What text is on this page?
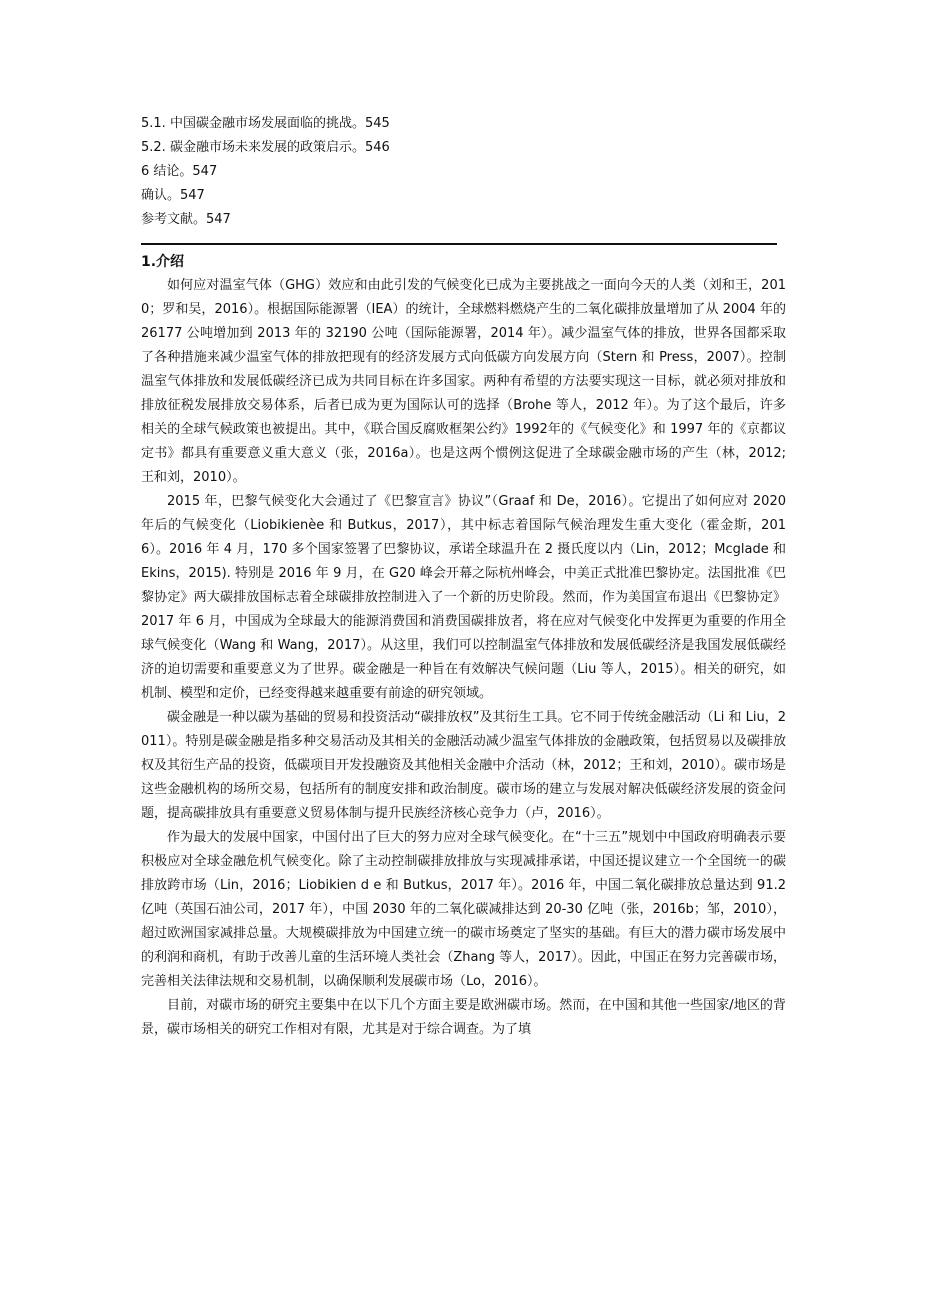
5.1. 中国碳金融市场发展面临的挑战。545
5.2. 碳金融市场未来发展的政策启示。546
6 结论。547
确认。547
参考文献。547
1.介绍

如何应对温室气体（GHG）效应和由此引发的气候变化已成为主要挑战之一面向今天的人类（刘和王，2010；罗和吴，2016）。根据国际能源署（IEA）的统计，全球燃料燃烧产生的二氧化碳排放量增加了从 2004 年的 26177 公吨增加到 2013 年的 32190 公吨（国际能源署，2014 年）。减少温室气体的排放，世界各国都采取了各种措施来减少温室气体的排放把现有的经济发展方式向低碳方向发展方向（Stern 和 Press，2007）。控制温室气体排放和发展低碳经济已成为共同目标在许多国家。两种有希望的方法要实现这一目标，就必须对排放和排放征税发展排放交易体系，后者已成为更为国际认可的选择（Brohe 等人，2012 年）。为了这个最后，许多相关的全球气候政策也被提出。其中，《联合国反腐败框架公约》1992年的《气候变化》和 1997 年的《京都议定书》都具有重要意义重大意义（张，2016a）。也是这两个惯例这促进了全球碳金融市场的产生（林，2012; 王和刘，2010）。

2015 年，巴黎气候变化大会通过了《巴黎宣言》协议”（Graaf 和 De，2016）。它提出了如何应对 2020 年后的气候变化（Liobikienèe 和 Butkus，2017），其中标志着国际气候治理发生重大变化（霍金斯，2016）。2016 年 4 月，170 多个国家签署了巴黎协议，承诺全球温升在 2 摄氏度以内（Lin，2012；Mcglade 和 Ekins，2015). 特别是 2016 年 9 月，在 G20 峰会开幕之际杭州峰会，中美正式批准巴黎协定。法国批准《巴黎协定》两大碳排放国标志着全球碳排放控制进入了一个新的历史阶段。然而，作为美国宣布退出《巴黎协定》2017 年 6 月，中国成为全球最大的能源消费国和消费国碳排放者，将在应对气候变化中发挥更为重要的作用全球气候变化（Wang 和 Wang，2017）。从这里，我们可以控制温室气体排放和发展低碳经济是我国发展低碳经济的迫切需要和重要意义为了世界。碳金融是一种旨在有效解决气候问题（Liu 等人，2015）。相关的研究，如机制、模型和定价，已经变得越来越重要有前途的研究领域。

碳金融是一种以碳为基础的贸易和投资活动“碳排放权”及其衍生工具。它不同于传统金融活动（Li 和 Liu，2011）。特别是碳金融是指多种交易活动及其相关的金融活动减少温室气体排放的金融政策，包括贸易以及碳排放权及其衍生产品的投资，低碳项目开发投融资及其他相关金融中介活动（林，2012；王和刘，2010）。碳市场是这些金融机构的场所交易，包括所有的制度安排和政治制度。碳市场的建立与发展对解决低碳经济发展的资金问题，提高碳排放具有重要意义贸易体制与提升民族经济核心竞争力（卢，2016）。

作为最大的发展中国家，中国付出了巨大的努力应对全球气候变化。在“十三五”规划中中国政府明确表示要积极应对全球金融危机气候变化。除了主动控制碳排放排放与实现减排承诺，中国还提议建立一个全国统一的碳排放跨市场（Lin，2016；Liobikien d e 和 Butkus，2017 年）。2016 年，中国二氧化碳排放总量达到 91.2 亿吨（英国石油公司，2017 年），中国 2030 年的二氧化碳减排达到 20-30 亿吨（张，2016b；邹，2010），超过欧洲国家减排总量。大规模碳排放为中国建立统一的碳市场奠定了坚实的基础。有巨大的潜力碳市场发展中的利润和商机，有助于改善儿童的生活环境人类社会（Zhang 等人，2017）。因此，中国正在努力完善碳市场，完善相关法律法规和交易机制，以确保顺利发展碳市场（Lo，2016）。

目前，对碳市场的研究主要集中在以下几个方面主要是欧洲碳市场。然而，在中国和其他一些国家/地区的背景，碳市场相关的研究工作相对有限，尤其是对于综合调查。为了填
